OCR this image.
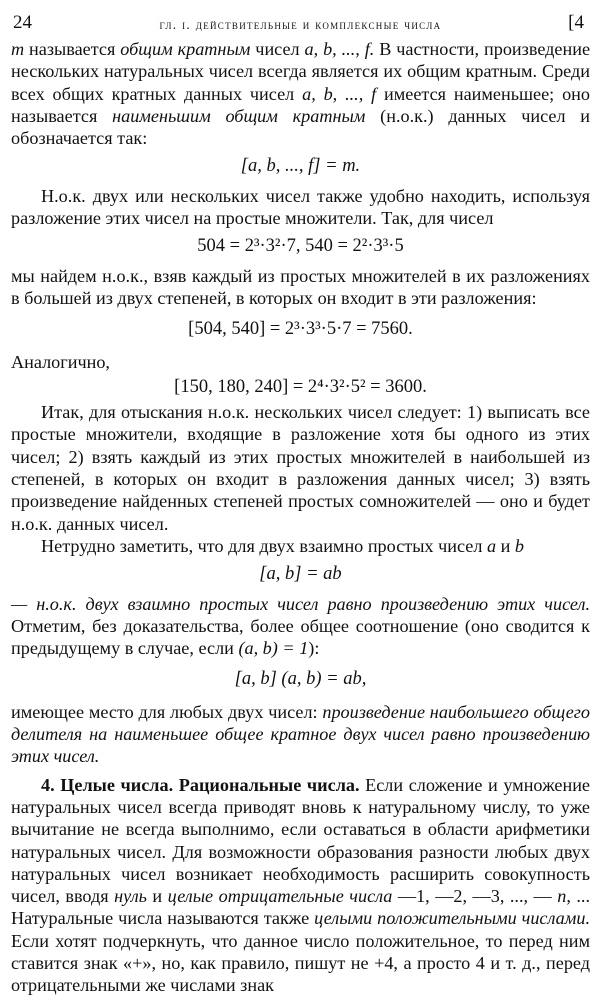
24	гл. i. действительные и комплексные числа	[4

m называется общим кратным чисел a, b, ..., f. В частности, произведение нескольких натуральных чисел всегда является их общим кратным. Среди всех общих кратных данных чисел a, b, ..., f имеется наименьшее; оно называется наименьшим общим кратным (н.о.к.) данных чисел и обозначается так:

[a, b, ..., f] = m.

Н.о.к. двух или нескольких чисел также удобно находить, используя разложение этих чисел на простые множители. Так, для чисел

504 = 2³·3²·7, 540 = 2²·3³·5

мы найдем н.о.к., взяв каждый из простых множителей в их разложениях в большей из двух степеней, в которых он входит в эти разложения:

[504, 540] = 2³·3³·5·7 = 7560.

Аналогично,

[150, 180, 240] = 2⁴·3²·5² = 3600.

Итак, для отыскания н.о.к. нескольких чисел следует: 1) выписать все простые множители, входящие в разложение хотя бы одного из этих чисел; 2) взять каждый из этих простых множителей в наибольшей из степеней, в которых он входит в разложения данных чисел; 3) взять произведение найденных степеней простых сомножителей — оно и будет н.о.к. данных чисел.

Нетрудно заметить, что для двух взаимно простых чисел a и b

[a, b] = ab

— н.о.к. двух взаимно простых чисел равно произведению этих чисел. Отметим, без доказательства, более общее соотношение (оно сводится к предыдущему в случае, если (a, b) = 1):

[a, b] (a, b) = ab,

имеющее место для любых двух чисел: произведение наибольшего общего делителя на наименьшее общее кратное двух чисел равно произведению этих чисел.

4. Целые числа. Рациональные числа. Если сложение и умножение натуральных чисел всегда приводят вновь к натуральному числу, то уже вычитание не всегда выполнимо, если оставаться в области арифметики натуральных чисел. Для возможности образования разности любых двух натуральных чисел возникает необходимость расширить совокупность чисел, вводя нуль и целые отрицательные числа —1, —2, —3, ..., — n, ... Натуральные числа называются также целыми положительными числами. Если хотят подчеркнуть, что данное число положительное, то перед ним ставится знак «+», но, как правило, пишут не +4, а просто 4 и т. д., перед отрицательными же числами знак
